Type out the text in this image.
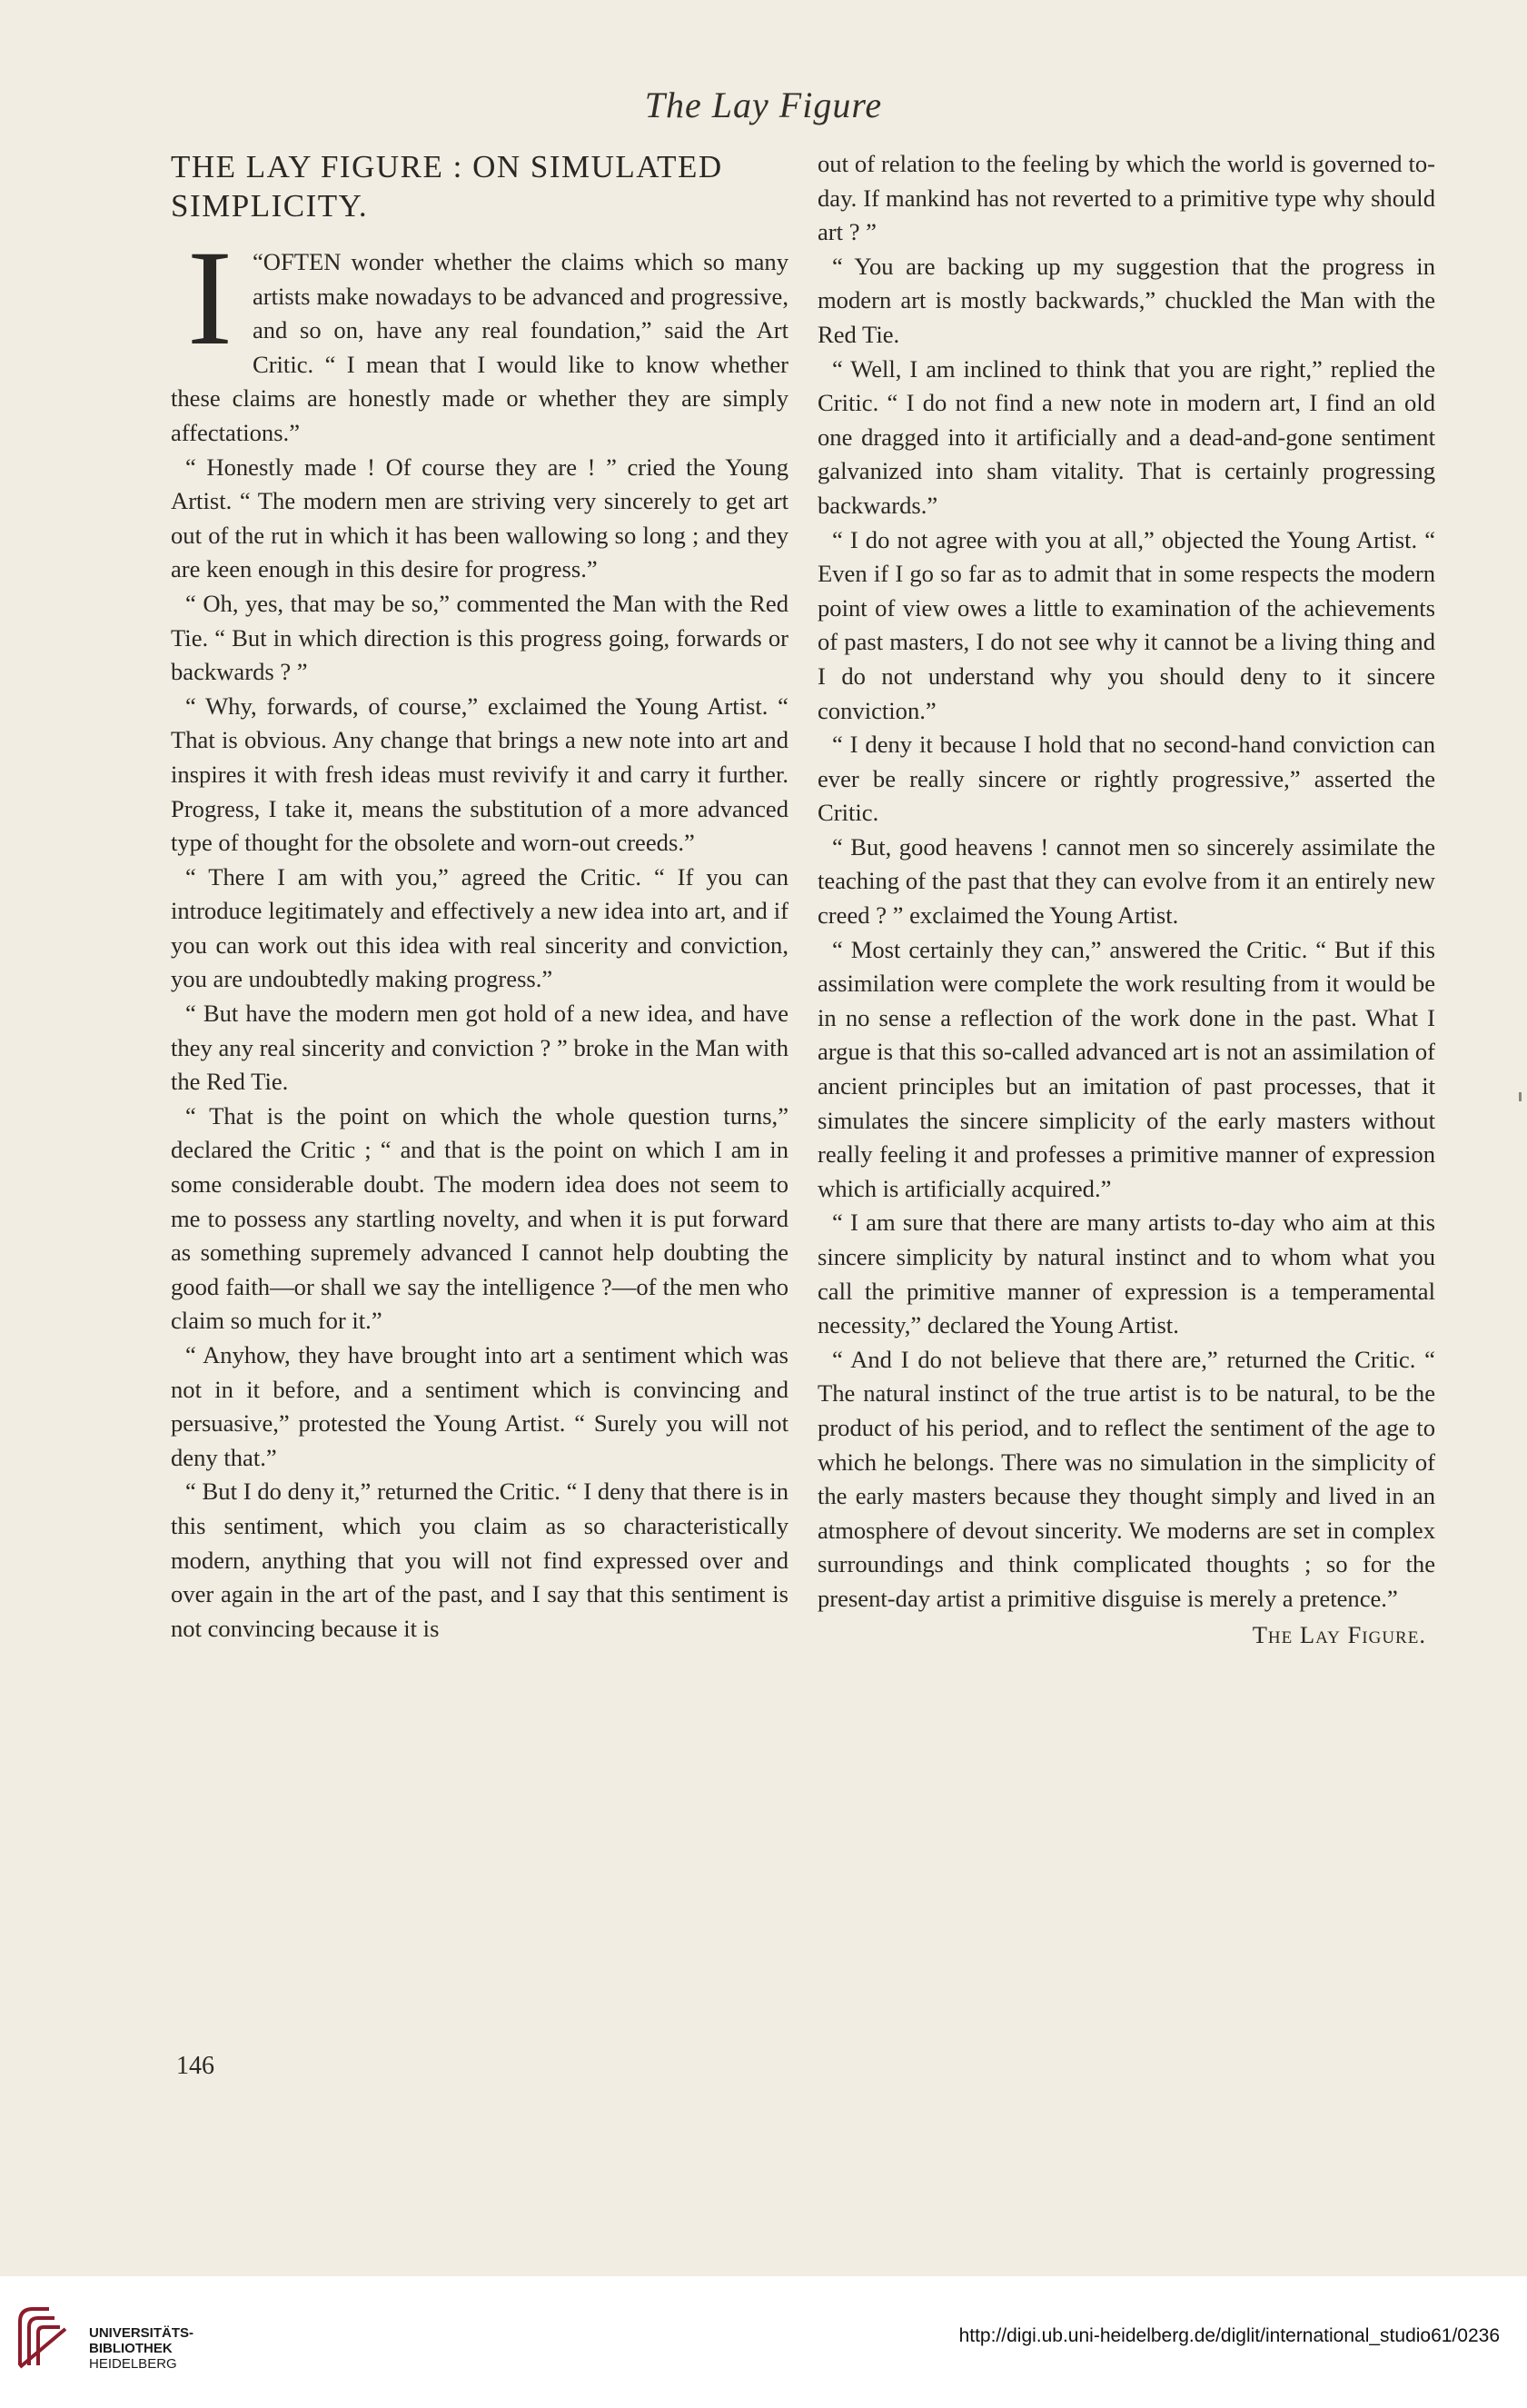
The Lay Figure
THE LAY FIGURE : ON SIMULATED SIMPLICITY.

“
I OFTEN wonder whether the claims which so many artists make nowadays to be advanced and progressive, and so on, have any real foundation,” said the Art Critic. “ I mean that I would like to know whether these claims are honestly made or whether they are simply affectations.”

“ Honestly made ! Of course they are ! ” cried the Young Artist. “ The modern men are striving very sincerely to get art out of the rut in which it has been wallowing so long ; and they are keen enough in this desire for progress.”

“ Oh, yes, that may be so,” commented the Man with the Red Tie. “ But in which direction is this progress going, forwards or backwards ? ”

“ Why, forwards, of course,” exclaimed the Young Artist. “ That is obvious. Any change that brings a new note into art and inspires it with fresh ideas must revivify it and carry it further. Progress, I take it, means the substitution of a more advanced type of thought for the obsolete and worn-out creeds.”

“ There I am with you,” agreed the Critic. “ If you can introduce legitimately and effectively a new idea into art, and if you can work out this idea with real sincerity and conviction, you are undoubtedly making progress.”

“ But have the modern men got hold of a new idea, and have they any real sincerity and conviction ? ” broke in the Man with the Red Tie.

“ That is the point on which the whole question turns,” declared the Critic ; “ and that is the point on which I am in some considerable doubt. The modern idea does not seem to me to possess any startling novelty, and when it is put forward as something supremely advanced I cannot help doubting the good faith—or shall we say the intelligence ?—of the men who claim so much for it.”

“ Anyhow, they have brought into art a sentiment which was not in it before, and a sentiment which is convincing and persuasive,” protested the Young Artist. “ Surely you will not deny that.”

“ But I do deny it,” returned the Critic. “ I deny that there is in this sentiment, which you claim as so characteristically modern, anything that you will not find expressed over and over again in the art of the past, and I say that this sentiment is not convincing because it is

out of relation to the feeling by which the world is governed to-day. If mankind has not reverted to a primitive type why should art ? ”

“ You are backing up my suggestion that the progress in modern art is mostly backwards,” chuckled the Man with the Red Tie.

“ Well, I am inclined to think that you are right,” replied the Critic. “ I do not find a new note in modern art, I find an old one dragged into it artificially and a dead-and-gone sentiment galvanized into sham vitality. That is certainly progressing backwards.”

“ I do not agree with you at all,” objected the Young Artist. “ Even if I go so far as to admit that in some respects the modern point of view owes a little to examination of the achievements of past masters, I do not see why it cannot be a living thing and I do not understand why you should deny to it sincere conviction.”

“ I deny it because I hold that no second-hand conviction can ever be really sincere or rightly progressive,” asserted the Critic.

“ But, good heavens ! cannot men so sincerely assimilate the teaching of the past that they can evolve from it an entirely new creed ? ” exclaimed the Young Artist.

“ Most certainly they can,” answered the Critic. “ But if this assimilation were complete the work resulting from it would be in no sense a reflection of the work done in the past. What I argue is that this so-called advanced art is not an assimilation of ancient principles but an imitation of past processes, that it simulates the sincere simplicity of the early masters without really feeling it and professes a primitive manner of expression which is artificially acquired.”

“ I am sure that there are many artists to-day who aim at this sincere simplicity by natural instinct and to whom what you call the primitive manner of expression is a temperamental necessity,” declared the Young Artist.

“ And I do not believe that there are,” returned the Critic. “ The natural instinct of the true artist is to be natural, to be the product of his period, and to reflect the sentiment of the age to which he belongs. There was no simulation in the simplicity of the early masters because they thought simply and lived in an atmosphere of devout sincerity. We moderns are set in complex surroundings and think complicated thoughts ; so for the present-day artist a primitive disguise is merely a pretence.”

The Lay Figure.
146
UNIVERSITÄTS-
BIBLIOTHEK
HEIDELBERG
http://digi.ub.uni-heidelberg.de/diglit/international_studio61/0236
